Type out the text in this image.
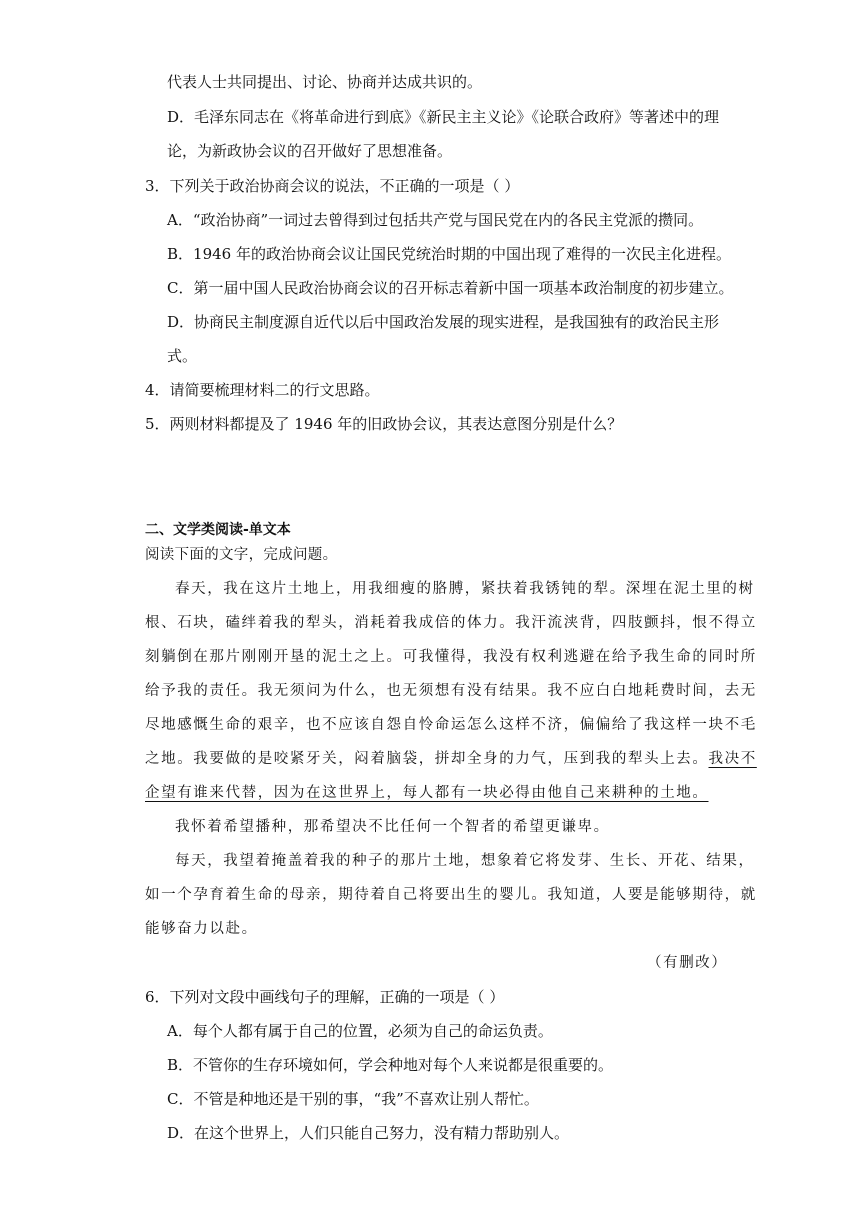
代表人士共同提出、讨论、协商并达成共识的。
D．毛泽东同志在《将革命进行到底》《新民主主义论》《论联合政府》等著述中的理
论，为新政协会议的召开做好了思想准备。
3．下列关于政治协商会议的说法，不正确的一项是（ ）
A．“政治协商”一词过去曾得到过包括共产党与国民党在内的各民主党派的攒同。
B．1946 年的政治协商会议让国民党统治时期的中国出现了难得的一次民主化进程。
C．第一届中国人民政治协商会议的召开标志着新中国一项基本政治制度的初步建立。
D．协商民主制度源自近代以后中国政治发展的现实进程，是我国独有的政治民主形
式。
4．请简要梳理材料二的行文思路。
5．两则材料都提及了 1946 年的旧政协会议，其表达意图分别是什么？
二、文学类阅读-单文本
阅读下面的文字，完成问题。
春天，我在这片土地上，用我细瘦的胳膊，紧扶着我锈钝的犁。深埋在泥土里的树
根、石块，磕绊着我的犁头，消耗着我成倍的体力。我汗流浃背，四肢颤抖，恨不得立
刻躺倒在那片刚刚开垦的泥土之上。可我懂得，我没有权利逃避在给予我生命的同时所
给予我的责任。我无须问为什么，也无须想有没有结果。我不应白白地耗费时间，去无
尽地感慨生命的艰辛，也不应该自怨自怜命运怎么这样不济，偏偏给了我这样一块不毛
之地。我要做的是咬紧牙关，闷着脑袋，拼却全身的力气，压到我的犁头上去。我决不
企望有谁来代替，因为在这世界上，每人都有一块必得由他自己来耕种的土地。
我怀着希望播种，那希望决不比任何一个智者的希望更谦卑。
每天，我望着掩盖着我的种子的那片土地，想象着它将发芽、生长、开花、结果，
如一个孕育着生命的母亲，期待着自己将要出生的婴儿。我知道，人要是能够期待，就
能够奋力以赴。
（有删改）
6．下列对文段中画线句子的理解，正确的一项是（ ）
A．每个人都有属于自己的位置，必须为自己的命运负责。
B．不管你的生存环境如何，学会种地对每个人来说都是很重要的。
C．不管是种地还是干别的事，“我”不喜欢让别人帮忙。
D．在这个世界上，人们只能自己努力，没有精力帮助别人。
